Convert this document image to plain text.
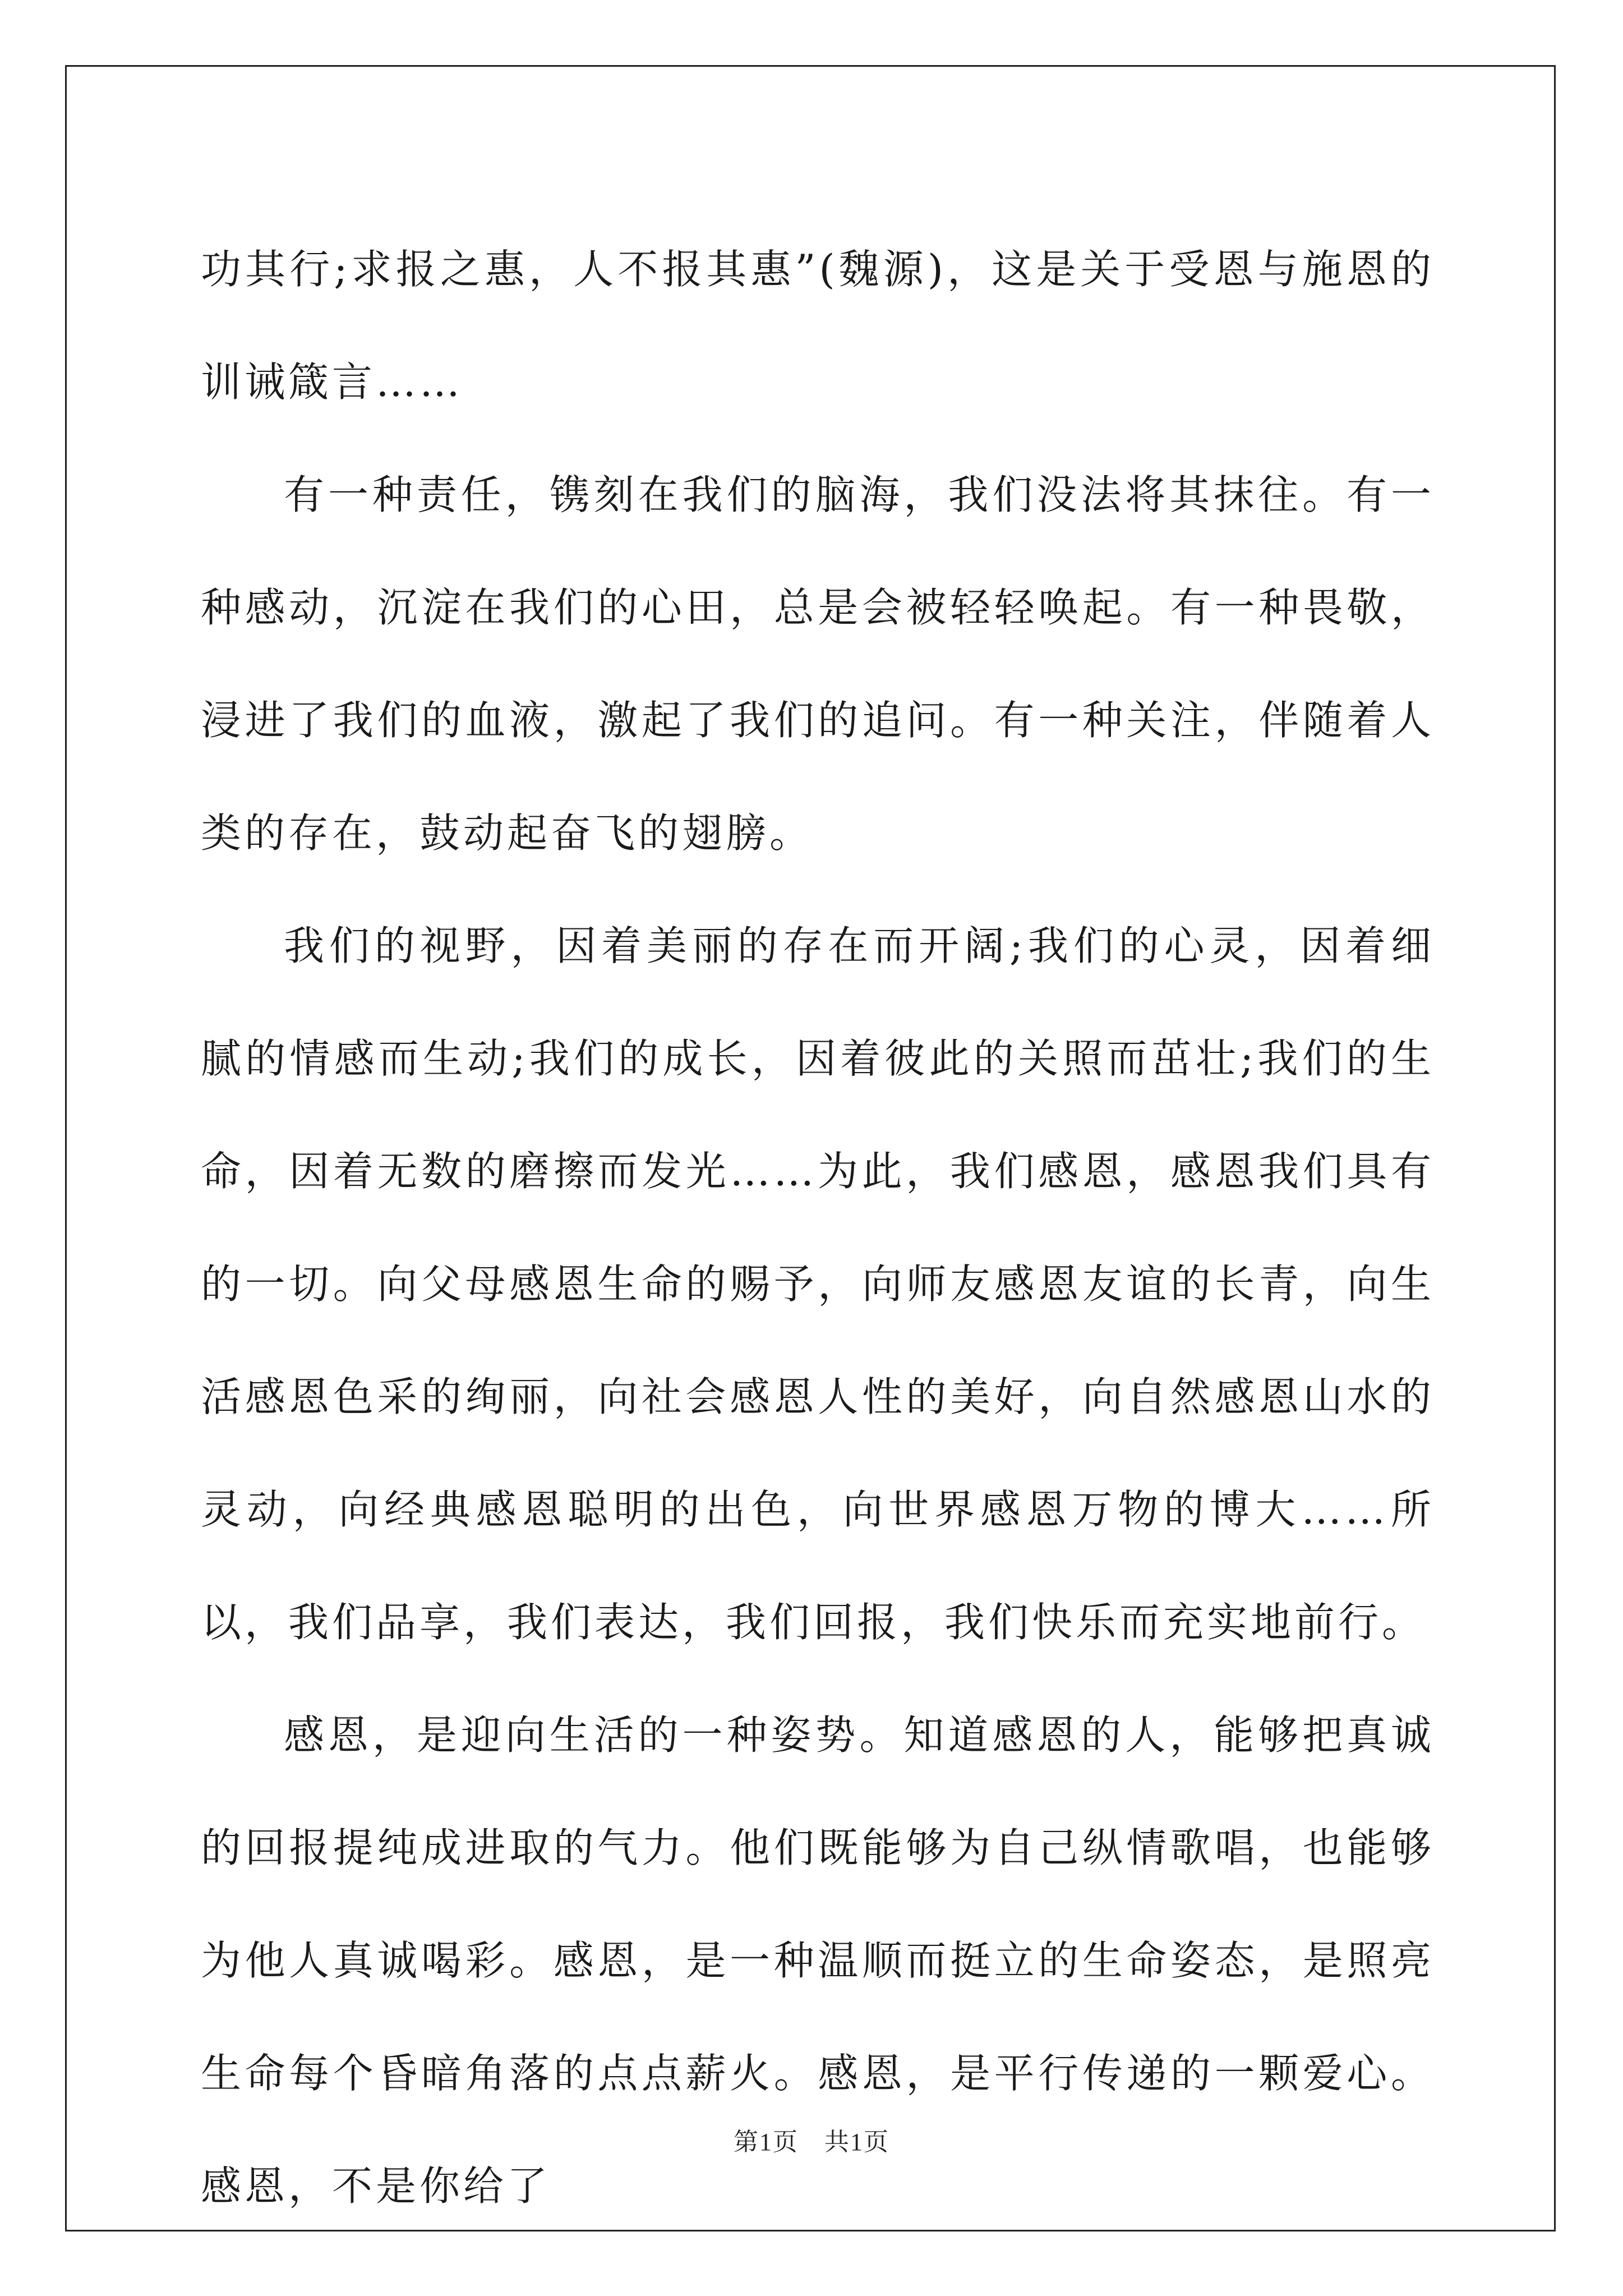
功其行;求报之惠，人不报其惠”(魏源)，这是关于受恩与施恩的训诫箴言……

有一种责任，镌刻在我们的脑海，我们没法将其抹往。有一种感动，沉淀在我们的心田，总是会被轻轻唤起。有一种畏敬，浸进了我们的血液，激起了我们的追问。有一种关注，伴随着人类的存在，鼓动起奋飞的翅膀。

我们的视野，因着美丽的存在而开阔;我们的心灵，因着细腻的情感而生动;我们的成长，因着彼此的关照而茁壮;我们的生命，因着无数的磨擦而发光……为此，我们感恩，感恩我们具有的一切。向父母感恩生命的赐予，向师友感恩友谊的长青，向生活感恩色采的绚丽，向社会感恩人性的美好，向自然感恩山水的灵动，向经典感恩聪明的出色，向世界感恩万物的博大……所以，我们品享，我们表达，我们回报，我们快乐而充实地前行。

感恩，是迎向生活的一种姿势。知道感恩的人，能够把真诚的回报提纯成进取的气力。他们既能够为自己纵情歌唱，也能够为他人真诚喝彩。感恩，是一种温顺而挺立的生命姿态，是照亮生命每个昏暗角落的点点薪火。感恩，是平行传递的一颗爱心。感恩，不是你给了

第1页　共1页
